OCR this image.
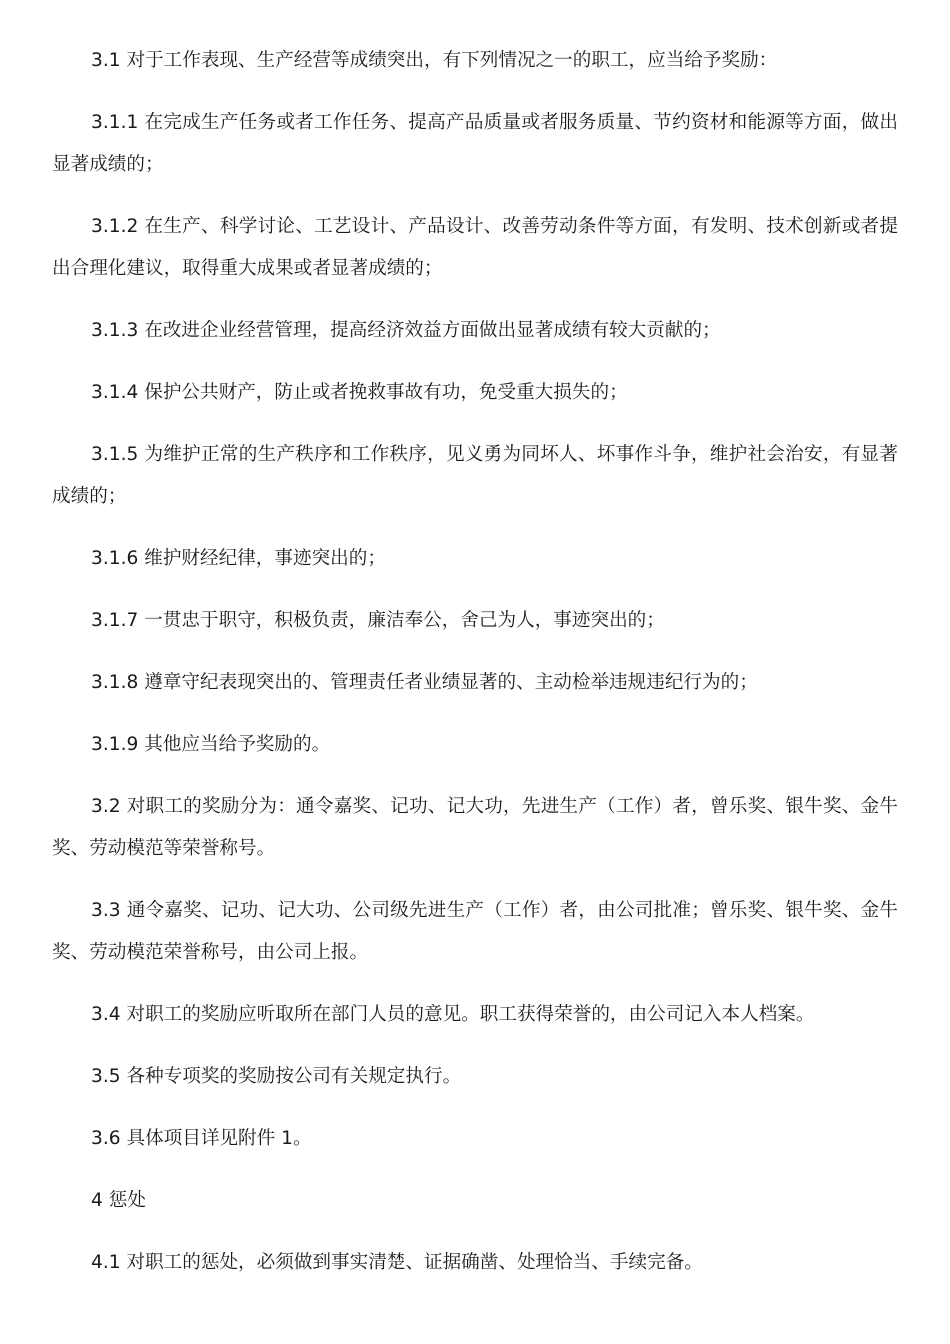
3.1 对于工作表现、生产经营等成绩突出，有下列情况之一的职工，应当给予奖励：

3.1.1 在完成生产任务或者工作任务、提高产品质量或者服务质量、节约资材和能源等方面，做出显著成绩的；

3.1.2 在生产、科学讨论、工艺设计、产品设计、改善劳动条件等方面，有发明、技术创新或者提出合理化建议，取得重大成果或者显著成绩的；

3.1.3 在改进企业经营管理，提高经济效益方面做出显著成绩有较大贡献的；

3.1.4 保护公共财产，防止或者挽救事故有功，免受重大损失的；

3.1.5 为维护正常的生产秩序和工作秩序，见义勇为同坏人、坏事作斗争，维护社会治安，有显著成绩的；

3.1.6 维护财经纪律，事迹突出的；

3.1.7 一贯忠于职守，积极负责，廉洁奉公，舍己为人，事迹突出的；

3.1.8 遵章守纪表现突出的、管理责任者业绩显著的、主动检举违规违纪行为的；

3.1.9 其他应当给予奖励的。

3.2 对职工的奖励分为：通令嘉奖、记功、记大功，先进生产（工作）者，曾乐奖、银牛奖、金牛奖、劳动模范等荣誉称号。

3.3 通令嘉奖、记功、记大功、公司级先进生产（工作）者，由公司批准；曾乐奖、银牛奖、金牛奖、劳动模范荣誉称号，由公司上报。

3.4 对职工的奖励应听取所在部门人员的意见。职工获得荣誉的，由公司记入本人档案。

3.5 各种专项奖的奖励按公司有关规定执行。

3.6 具体项目详见附件 1。

4 惩处

4.1 对职工的惩处，必须做到事实清楚、证据确凿、处理恰当、手续完备。
